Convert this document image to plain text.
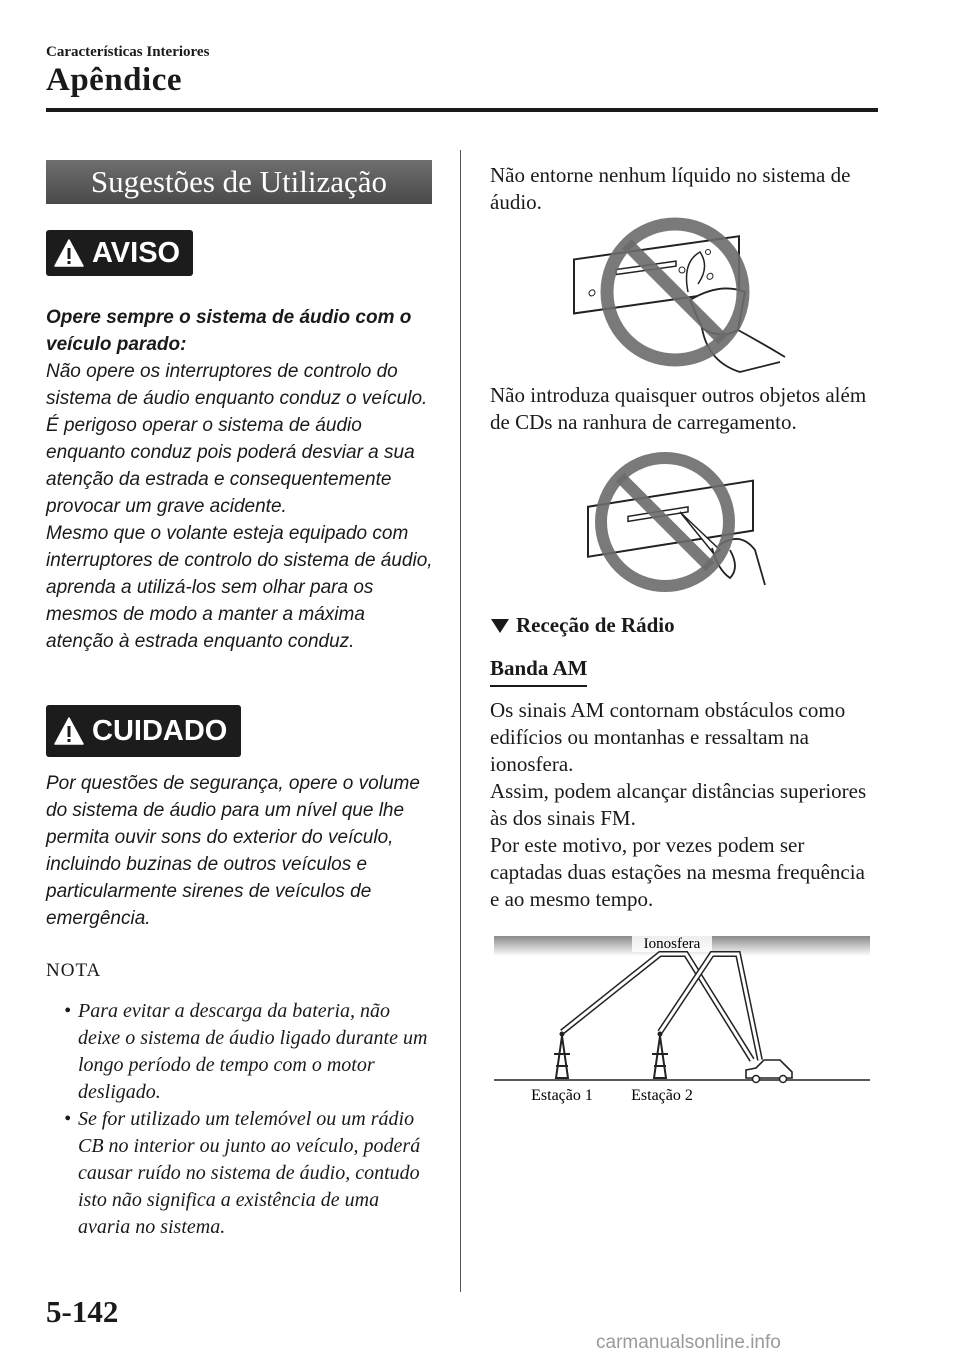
Características Interiores
Apêndice
Sugestões de Utilização
AVISO

Opere sempre o sistema de áudio com o veículo parado:

Não opere os interruptores de controlo do sistema de áudio enquanto conduz o veículo. É perigoso operar o sistema de áudio enquanto conduz pois poderá desviar a sua atenção da estrada e consequentemente provocar um grave acidente.

Mesmo que o volante esteja equipado com interruptores de controlo do sistema de áudio, aprenda a utilizá-los sem olhar para os mesmos de modo a manter a máxima atenção à estrada enquanto conduz.

CUIDADO

Por questões de segurança, opere o volume do sistema de áudio para um nível que lhe permita ouvir sons do exterior do veículo, incluindo buzinas de outros veículos e particularmente sirenes de veículos de emergência.

NOTA
• Para evitar a descarga da bateria, não deixe o sistema de áudio ligado durante um longo período de tempo com o motor desligado.
• Se for utilizado um telemóvel ou um rádio CB no interior ou junto ao veículo, poderá causar ruído no sistema de áudio, contudo isto não significa a existência de uma avaria no sistema.

Não entorne nenhum líquido no sistema de áudio.

Não introduza quaisquer outros objetos além de CDs na ranhura de carregamento.

Receção de Rádio
Banda AM

Os sinais AM contornam obstáculos como edifícios ou montanhas e ressaltam na ionosfera.

Assim, podem alcançar distâncias superiores às dos sinais FM.

Por este motivo, por vezes podem ser captadas duas estações na mesma frequência e ao mesmo tempo.

Ionosfera
Estação 1 Estação 2
5-142
carmanualsonline.info
